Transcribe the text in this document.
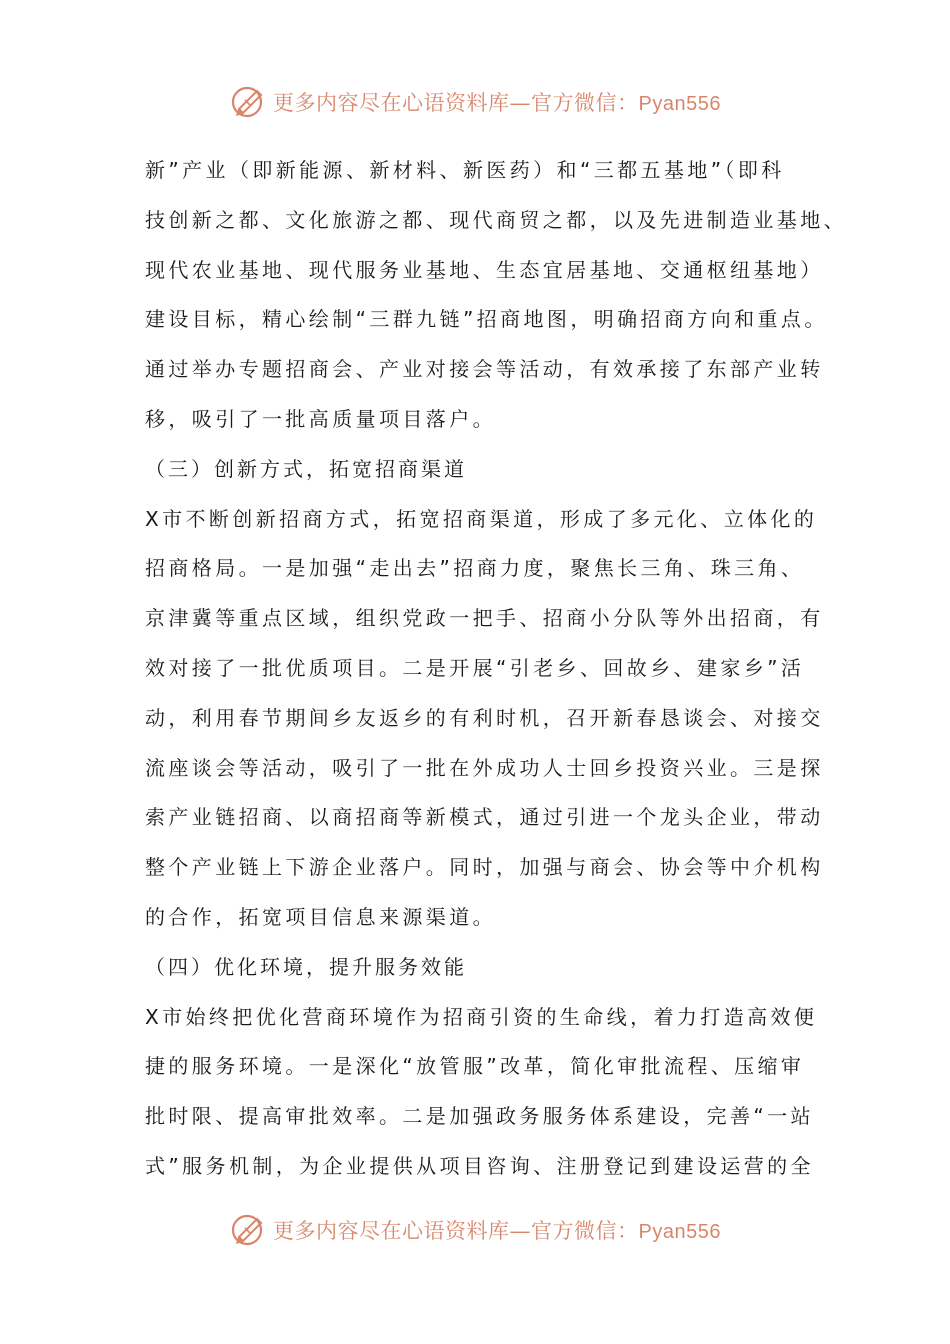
更多内容尽在心语资料库—官方微信：Pyan556
新”产业（即新能源、新材料、新医药）和“三都五基地”（即科
技创新之都、文化旅游之都、现代商贸之都，以及先进制造业基地、
现代农业基地、现代服务业基地、生态宜居基地、交通枢纽基地）
建设目标，精心绘制“三群九链”招商地图，明确招商方向和重点。
通过举办专题招商会、产业对接会等活动，有效承接了东部产业转
移，吸引了一批高质量项目落户。
（三）创新方式，拓宽招商渠道
X市不断创新招商方式，拓宽招商渠道，形成了多元化、立体化的
招商格局。一是加强“走出去”招商力度，聚焦长三角、珠三角、
京津冀等重点区域，组织党政一把手、招商小分队等外出招商，有
效对接了一批优质项目。二是开展“引老乡、回故乡、建家乡”活
动，利用春节期间乡友返乡的有利时机，召开新春恳谈会、对接交
流座谈会等活动，吸引了一批在外成功人士回乡投资兴业。三是探
索产业链招商、以商招商等新模式，通过引进一个龙头企业，带动
整个产业链上下游企业落户。同时，加强与商会、协会等中介机构
的合作，拓宽项目信息来源渠道。
（四）优化环境，提升服务效能
X市始终把优化营商环境作为招商引资的生命线，着力打造高效便
捷的服务环境。一是深化“放管服”改革，简化审批流程、压缩审
批时限、提高审批效率。二是加强政务服务体系建设，完善“一站
式”服务机制，为企业提供从项目咨询、注册登记到建设运营的全
更多内容尽在心语资料库—官方微信：Pyan556
